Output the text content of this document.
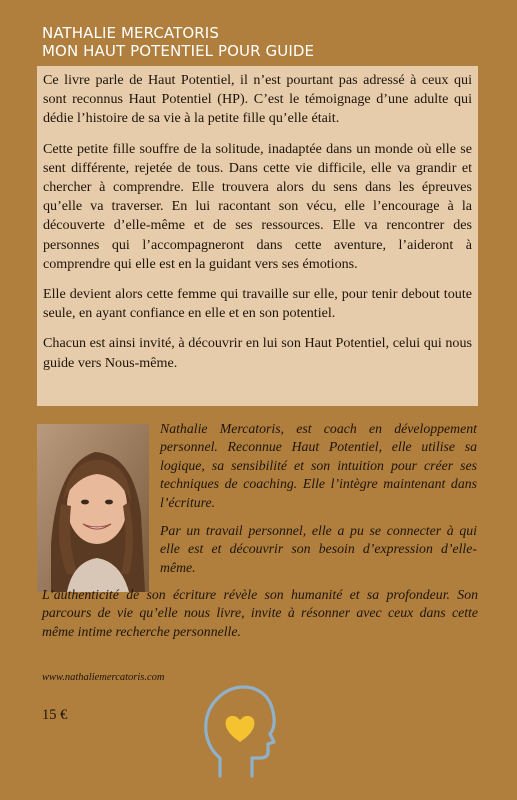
NATHALIE MERCATORIS
MON HAUT POTENTIEL POUR GUIDE

Ce livre parle de Haut Potentiel, il n’est pourtant pas adressé à ceux qui sont reconnus Haut Potentiel (HP). C’est le témoignage d’une adulte qui dédie l’histoire de sa vie à la petite fille qu’elle était.

Cette petite fille souffre de la solitude, inadaptée dans un monde où elle se sent différente, rejetée de tous. Dans cette vie difficile, elle va grandir et chercher à comprendre. Elle trouvera alors du sens dans les épreuves qu’elle va traverser. En lui racontant son vécu, elle l’encourage à la découverte d’elle-même et de ses ressources. Elle va rencontrer des personnes qui l’accompagneront dans cette aventure, l’aideront à comprendre qui elle est en la guidant vers ses émotions.

Elle devient alors cette femme qui travaille sur elle, pour tenir debout toute seule, en ayant confiance en elle et en son potentiel.

Chacun est ainsi invité, à découvrir en lui son Haut Potentiel, celui qui nous guide vers Nous-même.

Nathalie Mercatoris, est coach en développement personnel. Reconnue Haut Potentiel, elle utilise sa logique, sa sensibilité et son intuition pour créer ses techniques de coaching. Elle l’intègre maintenant dans l’écriture.

Par un travail personnel, elle a pu se connecter à qui elle est et découvrir son besoin d’expression d’elle-même.

L’authenticité de son écriture révèle son humanité et sa profondeur. Son parcours de vie qu’elle nous livre, invite à résonner avec ceux dans cette même intime recherche personnelle.

www.nathaliemercatoris.com
15 €
